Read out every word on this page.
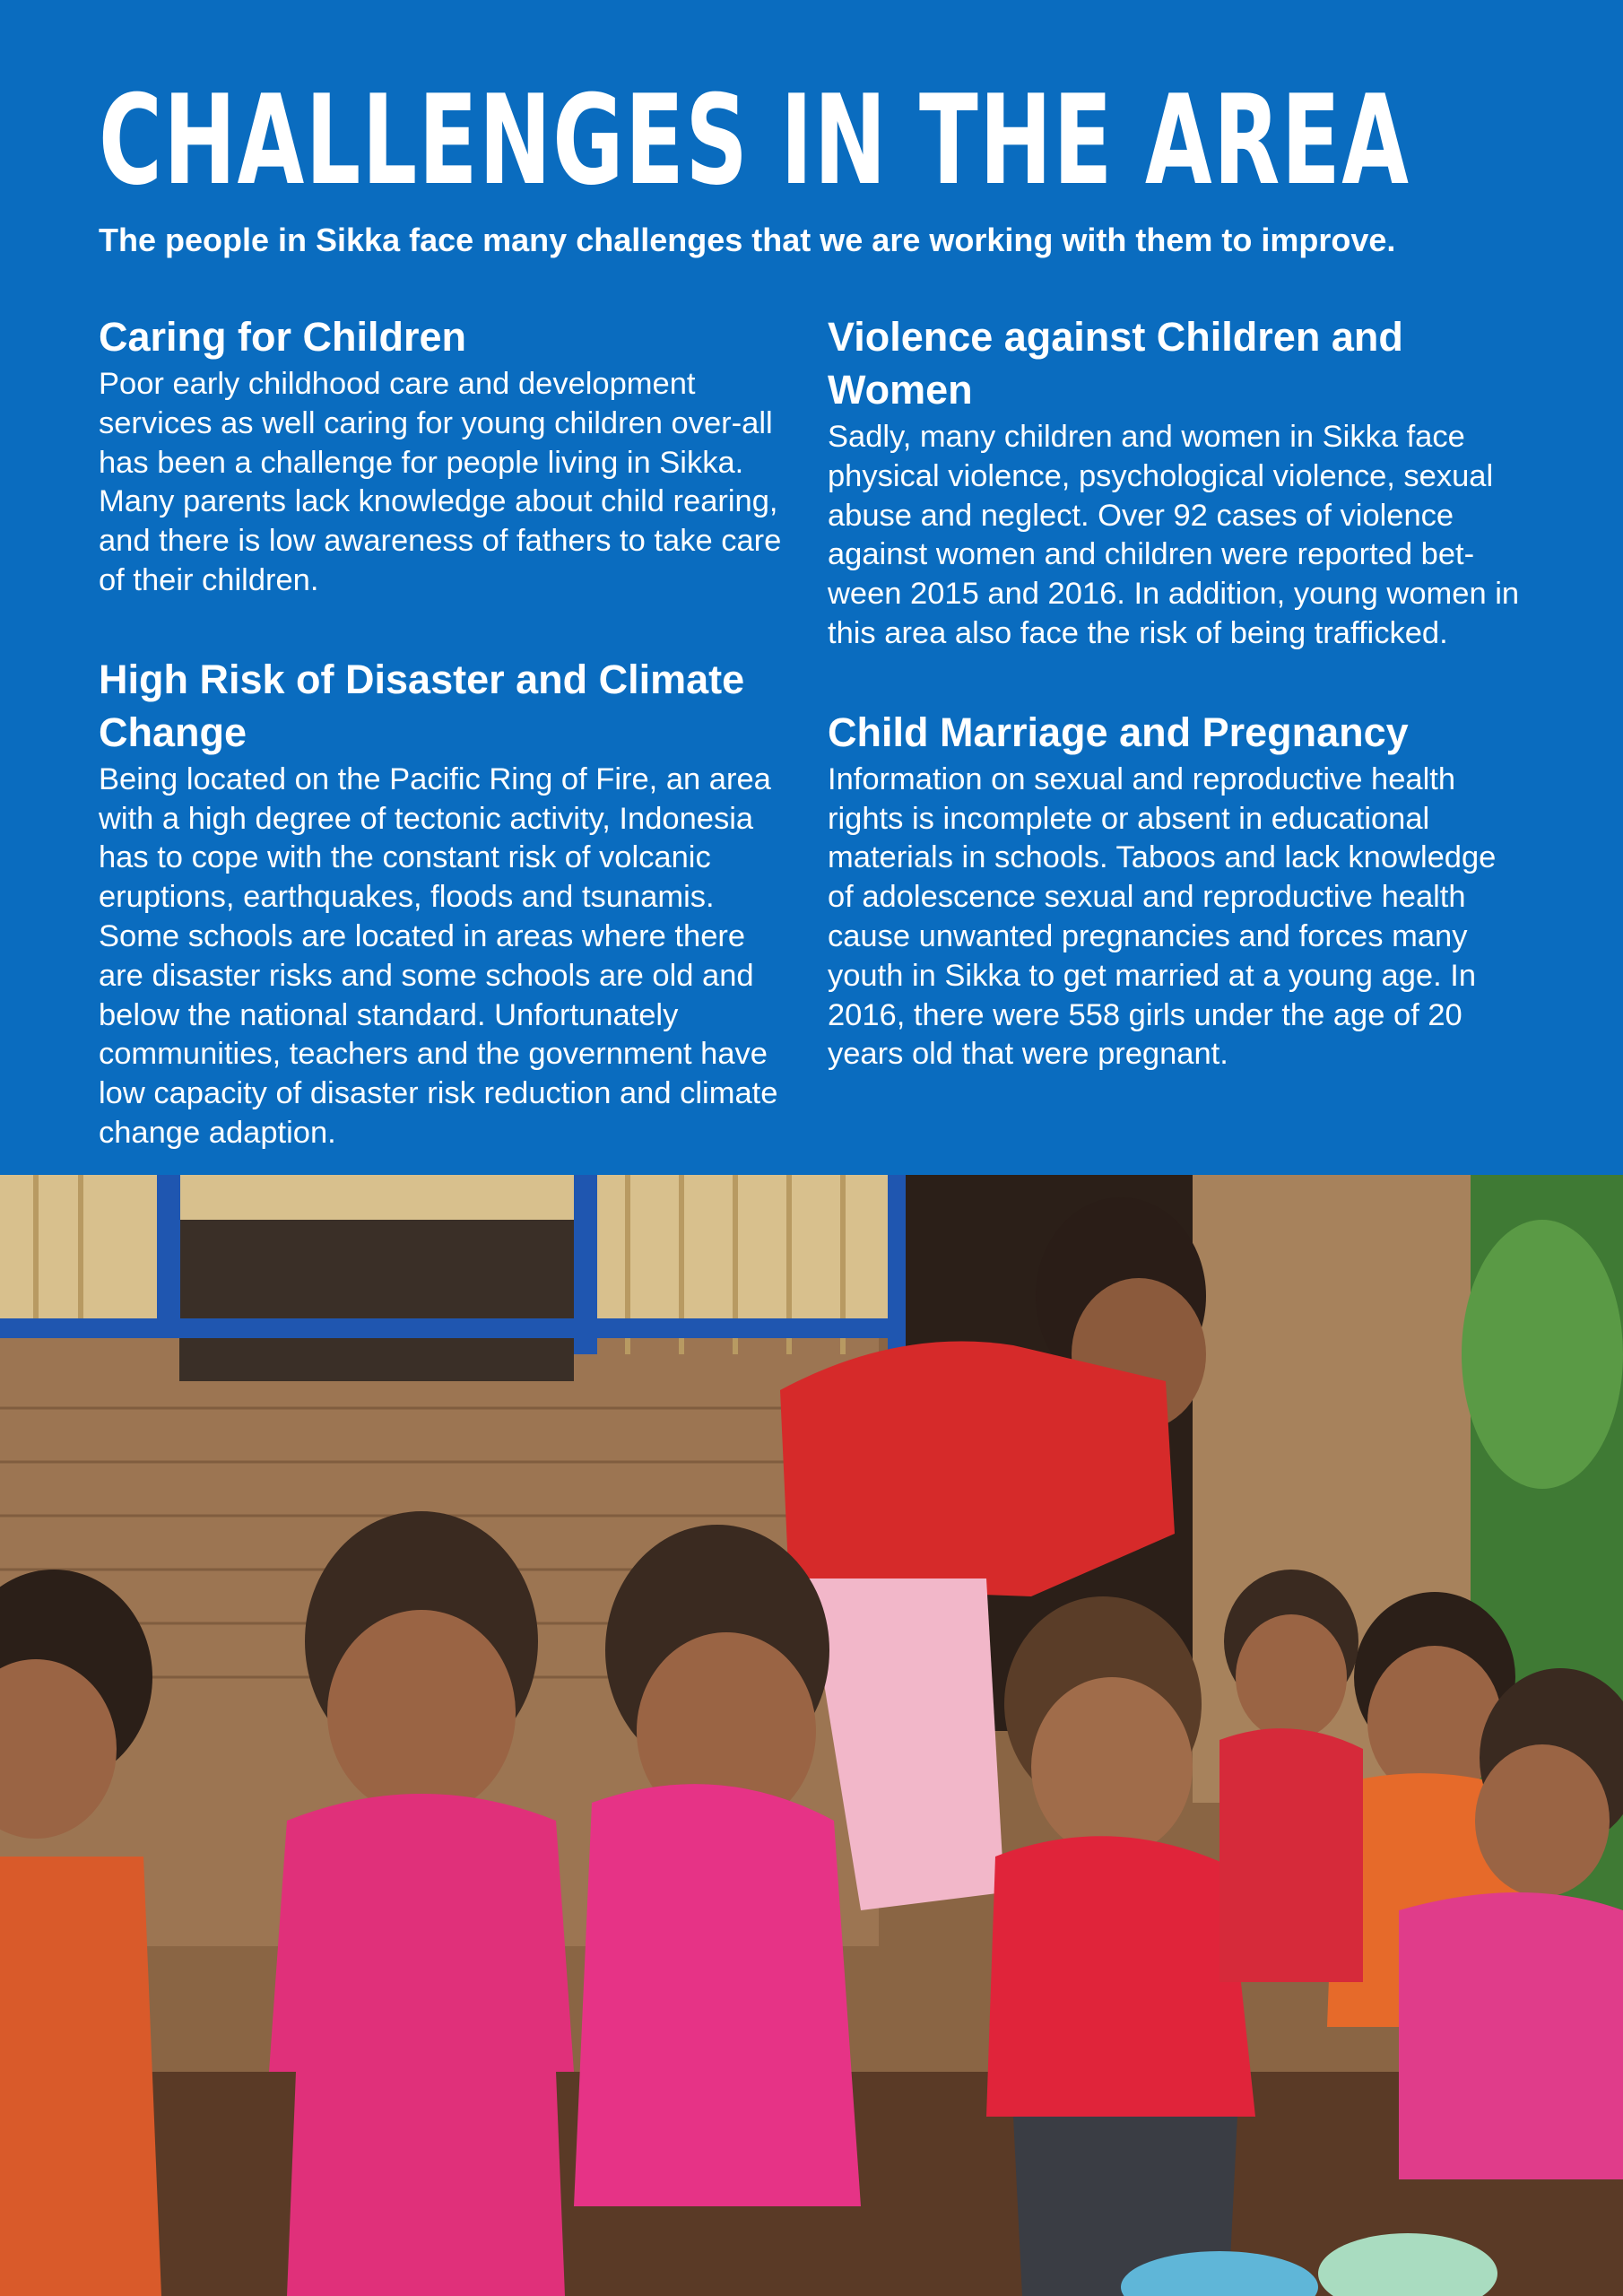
CHALLENGES IN THE AREA

The people in Sikka face many challenges that we are working with them to improve.

Caring for Children

Poor early childhood care and development services as well caring for young children over-all has been a challenge for people living in Sikka. Many parents lack knowledge about child rearing, and there is low awareness of fathers to take care of their children.

High Risk of Disaster and Climate Change

Being located on the Pacific Ring of Fire, an area with a high degree of tectonic activity, Indonesia has to cope with the constant risk of volcanic eruptions, earthquakes, floods and tsunamis. Some schools are located in areas where there are disaster risks and some schools are old and below the national standard. Unfortunately communities, teachers and the government have low capacity of disaster risk reduction and climate change adaption.

Violence against Children and Women

Sadly, many children and women in Sikka face physical violence, psychological violence, sexual abuse and neglect. Over 92 cases of violence against women and children were reported bet-ween 2015 and 2016. In addition, young women in this area also face the risk of being trafficked.

Child Marriage and Pregnancy

Information on sexual and reproductive health rights is incomplete or absent in educational materials in schools. Taboos and lack knowledge of adolescence sexual and reproductive health cause unwanted pregnancies and forces many youth in Sikka to get married at a young age. In 2016, there were 558 girls under the age of 20 years old that were pregnant.
